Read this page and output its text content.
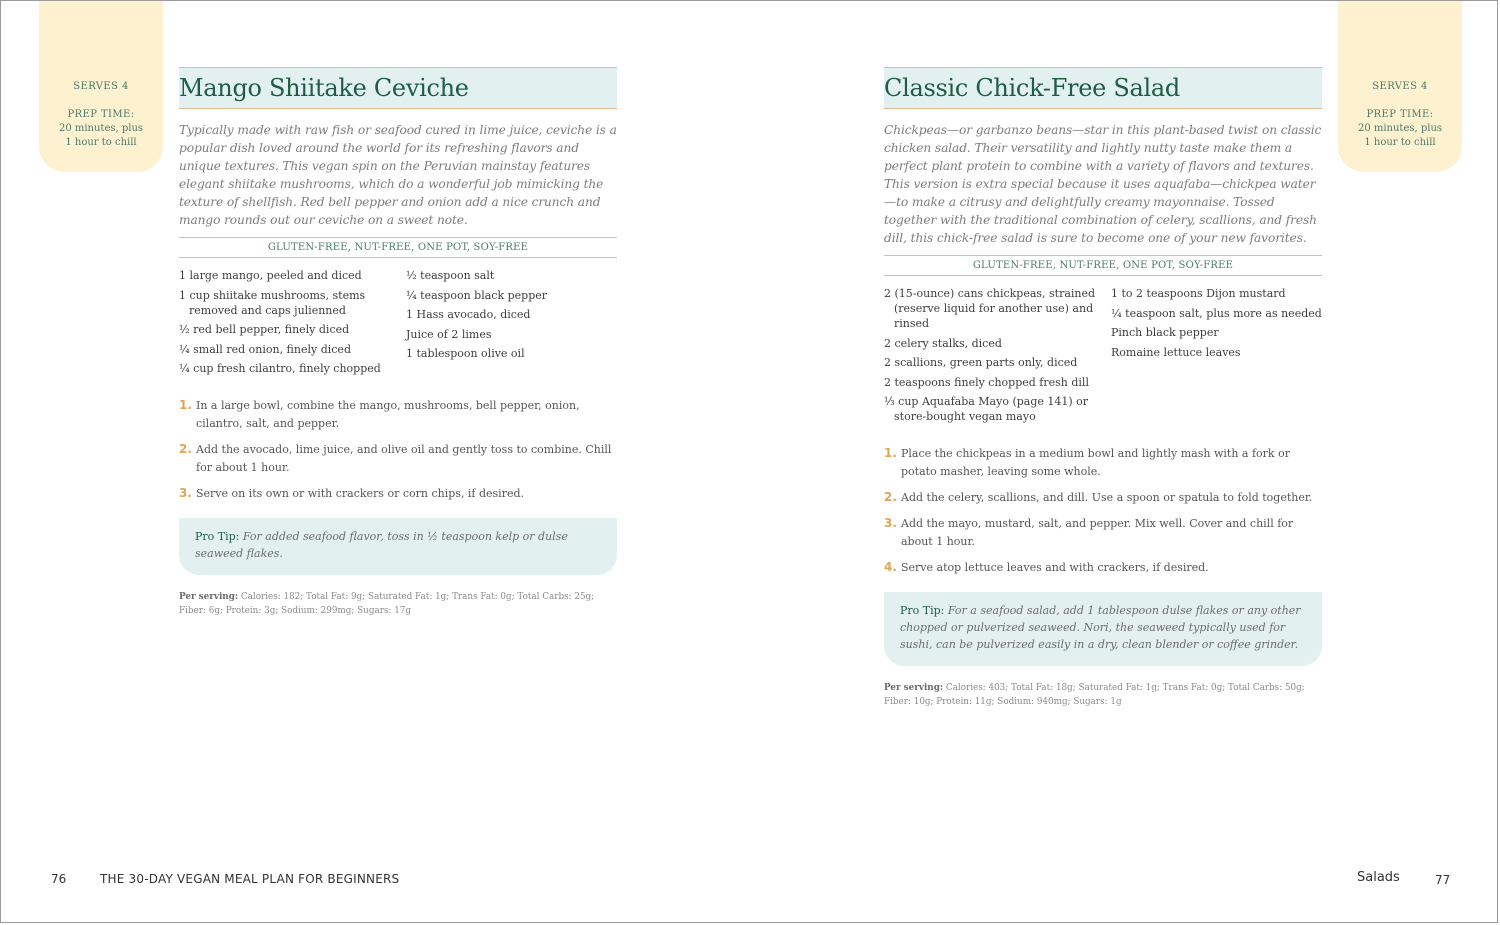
SERVES 4
PREP TIME:
20 minutes, plus
1 hour to chill
SERVES 4
PREP TIME:
20 minutes, plus
1 hour to chill
Mango Shiitake Ceviche
Typically made with raw fish or seafood cured in lime juice, ceviche is a popular dish loved around the world for its refreshing flavors and unique textures. This vegan spin on the Peruvian mainstay features elegant shiitake mushrooms, which do a wonderful job mimicking the texture of shellfish. Red bell pepper and onion add a nice crunch and mango rounds out our ceviche on a sweet note.
GLUTEN-FREE, NUT-FREE, ONE POT, SOY-FREE
1 large mango, peeled and diced
1 cup shiitake mushrooms, stems removed and caps julienned
½ red bell pepper, finely diced
¼ small red onion, finely diced
¼ cup fresh cilantro, finely chopped
½ teaspoon salt
¼ teaspoon black pepper
1 Hass avocado, diced
Juice of 2 limes
1 tablespoon olive oil
1. In a large bowl, combine the mango, mushrooms, bell pepper, onion, cilantro, salt, and pepper.
2. Add the avocado, lime juice, and olive oil and gently toss to combine. Chill for about 1 hour.
3. Serve on its own or with crackers or corn chips, if desired.
Pro Tip: For added seafood flavor, toss in ½ teaspoon kelp or dulse seaweed flakes.
Per serving: Calories: 182; Total Fat: 9g; Saturated Fat: 1g; Trans Fat: 0g; Total Carbs: 25g; Fiber: 6g; Protein: 3g; Sodium: 299mg; Sugars: 17g
Classic Chick-Free Salad
Chickpeas—or garbanzo beans—star in this plant-based twist on classic chicken salad. Their versatility and lightly nutty taste make them a perfect plant protein to combine with a variety of flavors and textures. This version is extra special because it uses aquafaba—chickpea water—to make a citrusy and delightfully creamy mayonnaise. Tossed together with the traditional combination of celery, scallions, and fresh dill, this chick-free salad is sure to become one of your new favorites.
GLUTEN-FREE, NUT-FREE, ONE POT, SOY-FREE
2 (15-ounce) cans chickpeas, strained (reserve liquid for another use) and rinsed
2 celery stalks, diced
2 scallions, green parts only, diced
2 teaspoons finely chopped fresh dill
⅓ cup Aquafaba Mayo (page 141) or store-bought vegan mayo
1 to 2 teaspoons Dijon mustard
¼ teaspoon salt, plus more as needed
Pinch black pepper
Romaine lettuce leaves
1. Place the chickpeas in a medium bowl and lightly mash with a fork or potato masher, leaving some whole.
2. Add the celery, scallions, and dill. Use a spoon or spatula to fold together.
3. Add the mayo, mustard, salt, and pepper. Mix well. Cover and chill for about 1 hour.
4. Serve atop lettuce leaves and with crackers, if desired.
Pro Tip: For a seafood salad, add 1 tablespoon dulse flakes or any other chopped or pulverized seaweed. Nori, the seaweed typically used for sushi, can be pulverized easily in a dry, clean blender or coffee grinder.
Per serving: Calories: 403; Total Fat: 18g; Saturated Fat: 1g; Trans Fat: 0g; Total Carbs: 50g; Fiber: 10g; Protein: 11g; Sodium: 940mg; Sugars: 1g
76	THE 30-DAY VEGAN MEAL PLAN FOR BEGINNERS	Salads	77
